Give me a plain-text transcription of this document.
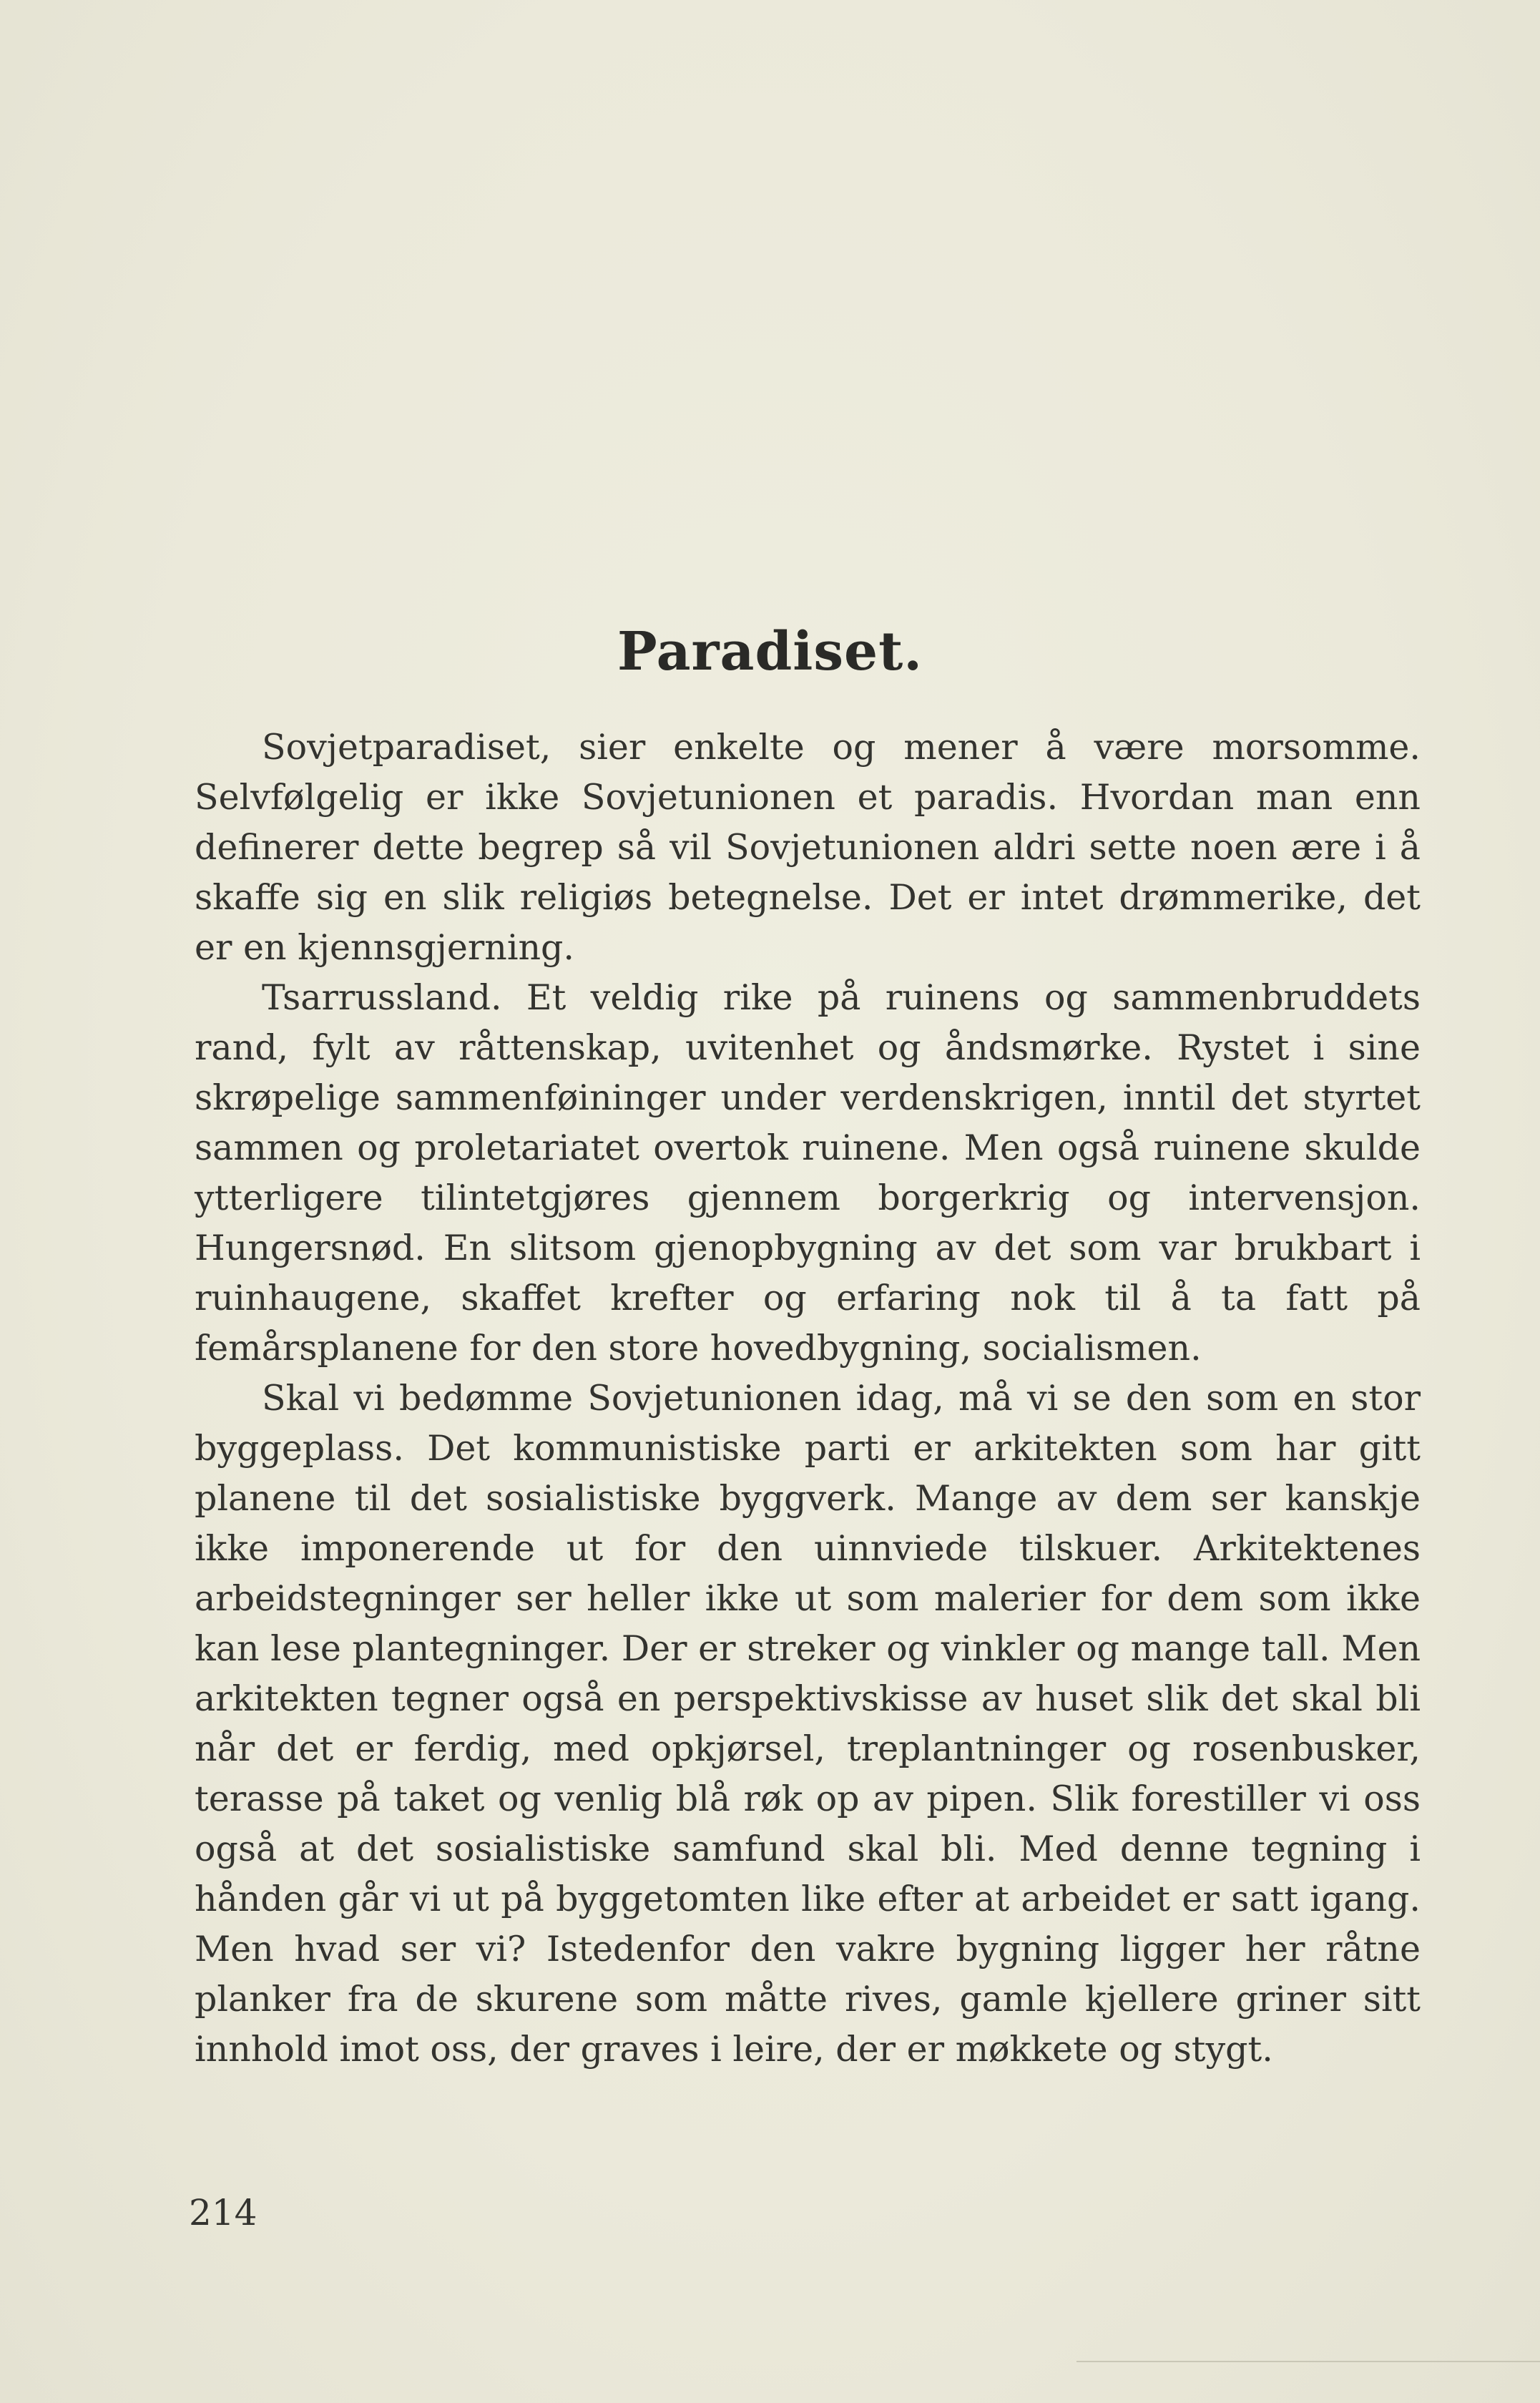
Paradiset.

Sovjetparadiset, sier enkelte og mener å være morsomme. Selvfølgelig er ikke Sovjetunionen et paradis. Hvordan man enn definerer dette begrep så vil Sovjetunionen aldri sette noen ære i å skaffe sig en slik religiøs betegnelse. Det er intet drømmerike, det er en kjennsgjerning.

Tsarrussland. Et veldig rike på ruinens og sammenbruddets rand, fylt av råttenskap, uvitenhet og åndsmørke. Rystet i sine skrøpelige sammenføininger under verdenskrigen, inntil det styrtet sammen og proletariatet overtok ruinene. Men også ruinene skulde ytterligere tilintetgjøres gjennem borgerkrig og intervensjon. Hungersnød. En slitsom gjenopbygning av det som var brukbart i ruinhaugene, skaffet krefter og erfaring nok til å ta fatt på femårsplanene for den store hovedbygning, socialismen.

Skal vi bedømme Sovjetunionen idag, må vi se den som en stor byggeplass. Det kommunistiske parti er arkitekten som har gitt planene til det sosialistiske byggverk. Mange av dem ser kanskje ikke imponerende ut for den uinnviede tilskuer. Arkitektenes arbeidstegninger ser heller ikke ut som malerier for dem som ikke kan lese plantegninger. Der er streker og vinkler og mange tall. Men arkitekten tegner også en perspektivskisse av huset slik det skal bli når det er ferdig, med opkjørsel, treplantninger og rosenbusker, terasse på taket og venlig blå røk op av pipen. Slik forestiller vi oss også at det sosialistiske samfund skal bli. Med denne tegning i hånden går vi ut på byggetomten like efter at arbeidet er satt igang. Men hvad ser vi? Istedenfor den vakre bygning ligger her råtne planker fra de skurene som måtte rives, gamle kjellere griner sitt innhold imot oss, der graves i leire, der er møkkete og stygt.

214
